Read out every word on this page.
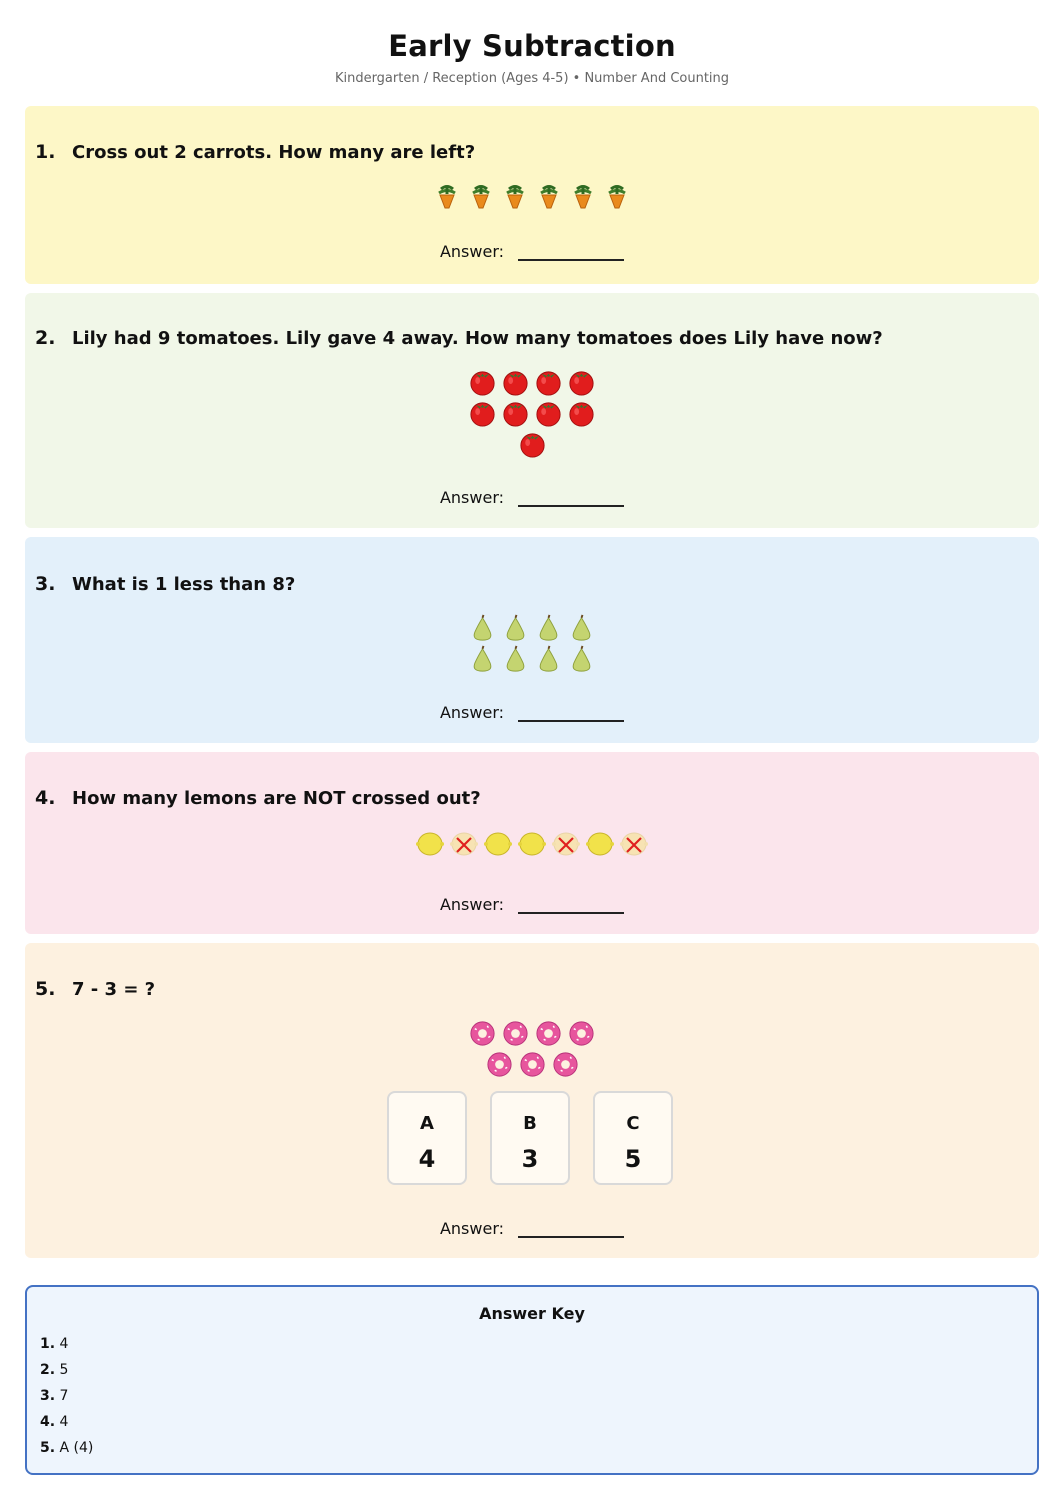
Early Subtraction
Kindergarten / Reception (Ages 4-5) • Number And Counting
1. Cross out 2 carrots. How many are left?
Answer:
2. Lily had 9 tomatoes. Lily gave 4 away. How many tomatoes does Lily have now?
Answer:
3. What is 1 less than 8?
Answer:
4. How many lemons are NOT crossed out?
Answer:
5. 7 - 3 = ?
A
4
B
3
C
5
Answer:
Answer Key
1. 4
2. 5
3. 7
4. 4
5. A (4)
